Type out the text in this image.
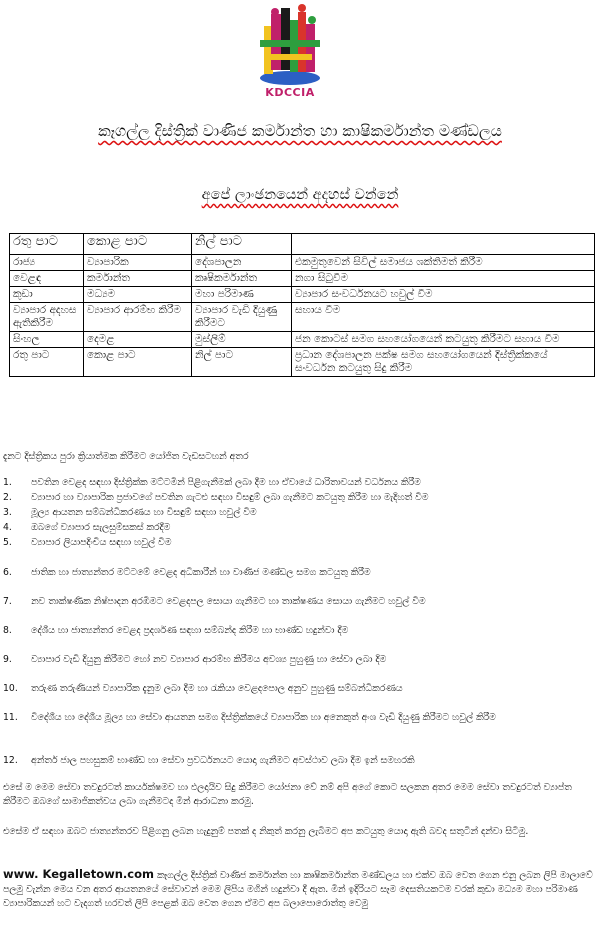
KDCCIA
කෑගල්ල දිස්ත්‍රික් වාණිජ කර්මාන්ත හා කාෂිකර්මාන්ත මණ්ඩලය
අපේ ලාංඡනයෙන් අදහස් වන්නේ
රතු පාට	කොළ පාට	නිල් පාට	
රාජ්‍ය	ව්‍යාපාරික	දේශපාලන	එකමුතුවෙන් සිවිල් සමාජය ශක්තිමත් කිරීම
වෙළඳ	කර්මාන්ත	කෘෂිකර්මාන්ත	නගා සිටුවීම
කුඩා	මධ්‍යම	මහා පරිමාණ	ව්‍යාපාර සංවර්ධනයට හවුල් වීම
ව්‍යාපාර අදහස ඇතිකිරීම	ව්‍යාපාර ආරම්භ කිරීම	ව්‍යාපාර වැඩි දියුණු කිරීමට	සහාය වීම
සිංහල	දෙමළ	මුස්ලිම්	ජන කොටස් සමග සහයෝගයෙන් කටයුතු කිරීමට සහාය වීම
රතු පාට	කොළ පාට	නිල් පාට	ප්‍රධාන දේශපාලන පක්ෂ සමග සහයෝගයෙන් දිස්ත්‍රික්කයේ සංවර්ධන කටයුතු සිදු කිරීම
දැනට දිස්ත්‍රිකය පුරා ක්‍රියාත්මක කිරීමට යෝජිත වැඩසටහන් අතර
1. පවතින වෙළද සඳහා දිස්ත්‍රික්ක මට්ටමින් පිළිගැනීමක් ලබා දීම හා ඒවායේ ධාරිතාවයන් වර්ධනය කිරීම
2. ව්‍යාපාර හා ව්‍යාපාරික ප්‍රජාවගේ පවතින ගැටළු සඳහා විසඳුම් ලබා ගැනීමට කටයුතු කිරීම හා මැදිහත් වීම
3. මූල්‍ය ආයතන සම්බන්ධීකරණය හා විසඳුම් සඳහා හවුල් වීම
4. ඔබගේ ව්‍යාපාර සැලසුම්සකස් කරදීම
5. ව්‍යාපාර ලියාපදිංචිය සඳහා හවුල් වීම
6. ජාතික හා ජාත්‍යන්තර මට්ටමේ වෙළද අධිකාරීන් හා වාණිජ මණ්ඩල සමග කටයුතු කිරීම
7. නව තාක්ෂණික නිෂ්පාදන අරඹීමට වෙළදපල සොයා ගැනීමට හා තාක්ෂණය සොයා ගැනීමට හවුල් වීම
8. දේශීය හා ජාත්‍යන්තර වෙළද ප්‍රදර්ශණ සඳහා සම්බන්ද කිරීම හා භාණ්ඩ හදුන්වා දීම
9. ව්‍යාපාර වැඩි දියුනු කිරීමට හෝ නව ව්‍යාපාර ආරම්භ කිරීමය අවශ්‍ය පුහුණු හා සේවා ලබා දිම
10. තරුණ තරුණියන් ව්‍යාපාරික දැනුම ලබා දීම හා රැකියා වෙළදපොල අනුව පුහුණු සම්බන්ධීකරණය
11. විදේශීය හා දේශීය මූල්‍ය හා සේවා ආයතන සමග දිස්ත්‍රික්කයේ ව්‍යාපාරික හා අනෙකුත් අංශ වැඩි දියුණු කිරීමට හවුල් කිරීම
12. අන්තර් ජාල පහසුකම් භාණ්ඩ හා සේවා ප්‍රවර්ධනයට යොදා ගැනීමට අවස්ථාව ලබා දීම ඉන් සමහරකි
එසේ ම මෙම සේවා තවදුරටත් කාර්යක්ෂමව හා ඵලදායිව සිදු කිරීමට යෝජනා වේ නම් අපි අගේ කොට සලකන අතර මෙම සේවා තවදුරටත් ව්‍යාප්ත කිරීමට ඔබගේ සාමාජිකත්වය ලබා ගැනීමටද මින් ආරාධනා කරමු.
එසේම ඒ සඳහා ඔබට ජාත්‍යන්තරව පිළිගනු ලබන හැදුනුම් පතක් ද නිකුත් කරනු ලැබීමට අප කටයුතු යොදා ඇති බවද සතුටින් දන්වා සිටිමු.
www. Kegalletown.com කෑගල්ල දිස්ත්‍රික් වාණිජ කර්මාන්ත හා කෘෂිකර්මාන්ත මණ්ඩලය හා එක්ව ඔබ වෙත ගෙන එනු ලබන ලිපි මාලාවේ පලමු වැන්න මෙය වන අතර ආයතනයේ සේවාවන් මෙම ලිපිය මගින් හදුන්වා දී ඇත. මින් ඉදිරියට සෑම දෙසතියකටම වරක් කුඩා මධ්‍යම මහා පරිමාණ ව්‍යාපාරිකයන් හට වැදගත් හරවත් ලිපි පෙළක් ඔබ වෙත ගෙන ඒමට අප බලාපොරොත්තු වෙමු
